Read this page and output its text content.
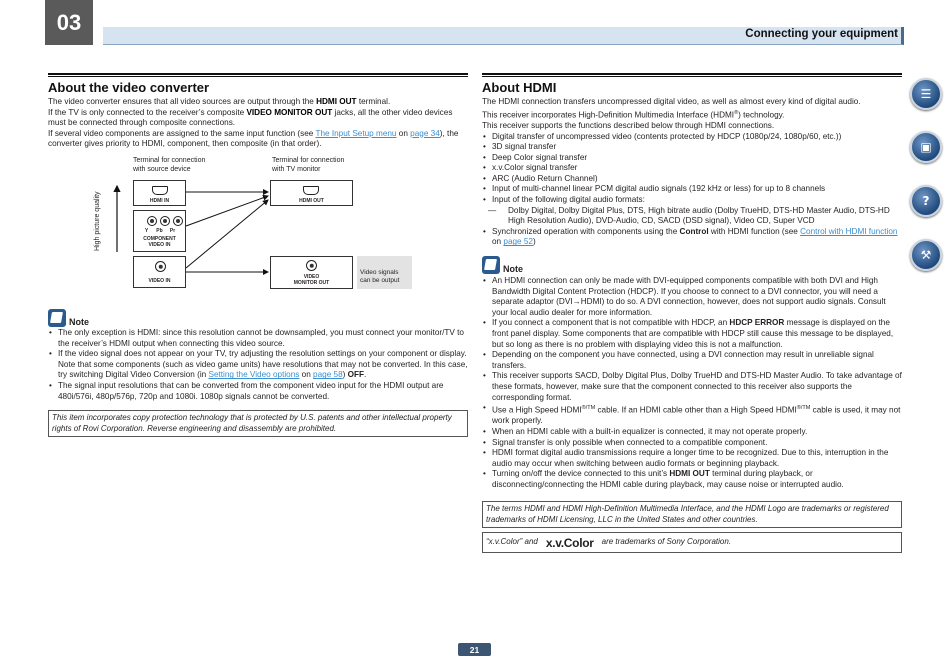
03	Connecting your equipment
About the video converter
The video converter ensures that all video sources are output through the HDMI OUT terminal.
If the TV is only connected to the receiver’s composite VIDEO MONITOR OUT jacks, all the other video devices must be connected through composite connections.
If several video components are assigned to the same input function (see The Input Setup menu on page 34), the converter gives priority to HDMI, component, then composite (in that order).
Terminal for connection
with source device
Terminal for connection
with TV monitor
High picture quality	HDMI IN
Y	Pb	Pr
COMPONENT
VIDEO IN
VIDEO IN
HDMI OUT
VIDEO
MONITOR OUT
Video signals
can be output
Note
• The only exception is HDMI: since this resolution cannot be downsampled, you must connect your monitor/TV to the receiver’s HDMI output when connecting this video source.
• If the video signal does not appear on your TV, try adjusting the resolution settings on your component or display. Note that some components (such as video game units) have resolutions that may not be converted. In this case, try switching Digital Video Conversion (in Setting the Video options on page 58) OFF.
• The signal input resolutions that can be converted from the component video input for the HDMI output are 480i/576i, 480p/576p, 720p and 1080i. 1080p signals cannot be converted.
This item incorporates copy protection technology that is protected by U.S. patents and other intellectual property rights of Rovi Corporation. Reverse engineering and disassembly are prohibited.
About HDMI
The HDMI connection transfers uncompressed digital video, as well as almost every kind of digital audio.
This receiver incorporates High-Definition Multimedia Interface (HDMI®) technology.
This receiver supports the functions described below through HDMI connections.
• Digital transfer of uncompressed video (contents protected by HDCP (1080p/24, 1080p/60, etc.))
• 3D signal transfer
• Deep Color signal transfer
• x.v.Color signal transfer
• ARC (Audio Return Channel)
• Input of multi-channel linear PCM digital audio signals (192 kHz or less) for up to 8 channels
• Input of the following digital audio formats:
— Dolby Digital, Dolby Digital Plus, DTS, High bitrate audio (Dolby TrueHD, DTS-HD Master Audio, DTS-HD High Resolution Audio), DVD-Audio, CD, SACD (DSD signal), Video CD, Super VCD
• Synchronized operation with components using the Control with HDMI function (see Control with HDMI function on page 52)
Note
• An HDMI connection can only be made with DVI-equipped components compatible with both DVI and High Bandwidth Digital Content Protection (HDCP). If you choose to connect to a DVI connector, you will need a separate adaptor (DVI→HDMI) to do so. A DVI connection, however, does not support audio signals. Consult your local audio dealer for more information.
• If you connect a component that is not compatible with HDCP, an HDCP ERROR message is displayed on the front panel display. Some components that are compatible with HDCP still cause this message to be displayed, but so long as there is no problem with displaying video this is not a malfunction.
• Depending on the component you have connected, using a DVI connection may result in unreliable signal transfers.
• This receiver supports SACD, Dolby Digital Plus, Dolby TrueHD and DTS-HD Master Audio. To take advantage of these formats, however, make sure that the component connected to this receiver also supports the corresponding format.
• Use a High Speed $HDMI^{®/TM}$ cable. If an HDMI cable other than a High Speed $HDMI^{®/TM}$ cable is used, it may not work properly.
• When an HDMI cable with a built-in equalizer is connected, it may not operate properly.
• Signal transfer is only possible when connected to a compatible component.
• HDMI format digital audio transmissions require a longer time to be recognized. Due to this, interruption in the audio may occur when switching between audio formats or beginning playback.
• Turning on/off the device connected to this unit’s HDMI OUT terminal during playback, or disconnecting/connecting the HDMI cable during playback, may cause noise or interrupted audio.
The terms HDMI and HDMI High-Definition Multimedia Interface, and the HDMI Logo are trademarks or registered trademarks of HDMI Licensing, LLC in the United States and other countries.
“x.v.Color” and x.v.Color are trademarks of Sony Corporation.
☰
▣
?
⚒
21
